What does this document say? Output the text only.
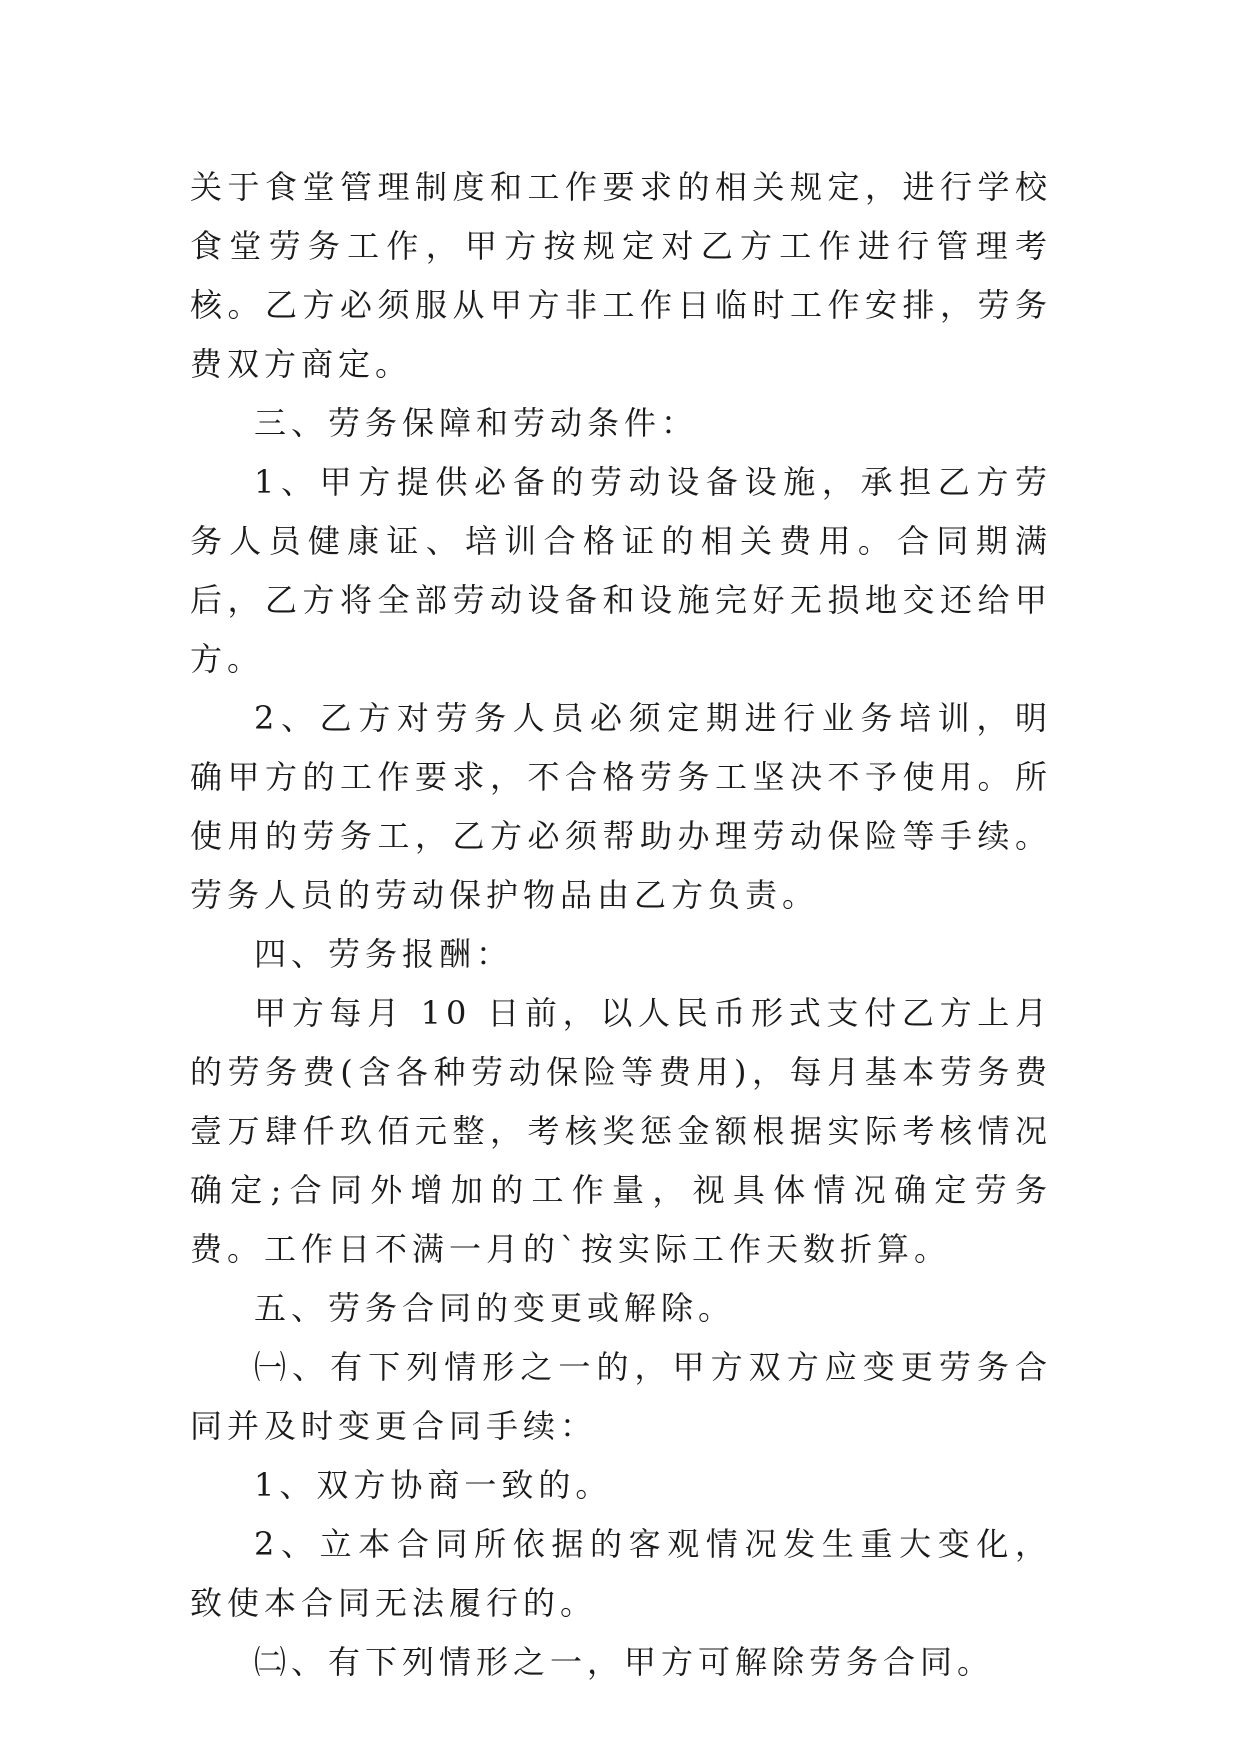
关于食堂管理制度和工作要求的相关规定，进行学校食堂劳务工作，甲方按规定对乙方工作进行管理考核。乙方必须服从甲方非工作日临时工作安排，劳务费双方商定。

三、劳务保障和劳动条件：

1、甲方提供必备的劳动设备设施，承担乙方劳务人员健康证、培训合格证的相关费用。合同期满后，乙方将全部劳动设备和设施完好无损地交还给甲方。

2、乙方对劳务人员必须定期进行业务培训，明确甲方的工作要求，不合格劳务工坚决不予使用。所使用的劳务工，乙方必须帮助办理劳动保险等手续。劳务人员的劳动保护物品由乙方负责。

四、劳务报酬：

甲方每月 10 日前，以人民币形式支付乙方上月的劳务费(含各种劳动保险等费用)，每月基本劳务费壹万肆仟玖佰元整，考核奖惩金额根据实际考核情况确定;合同外增加的工作量，视具体情况确定劳务费。工作日不满一月的`按实际工作天数折算。

五、劳务合同的变更或解除。

㈠、有下列情形之一的，甲方双方应变更劳务合同并及时变更合同手续：

1、双方协商一致的。

2、立本合同所依据的客观情况发生重大变化，致使本合同无法履行的。

㈡、有下列情形之一，甲方可解除劳务合同。
